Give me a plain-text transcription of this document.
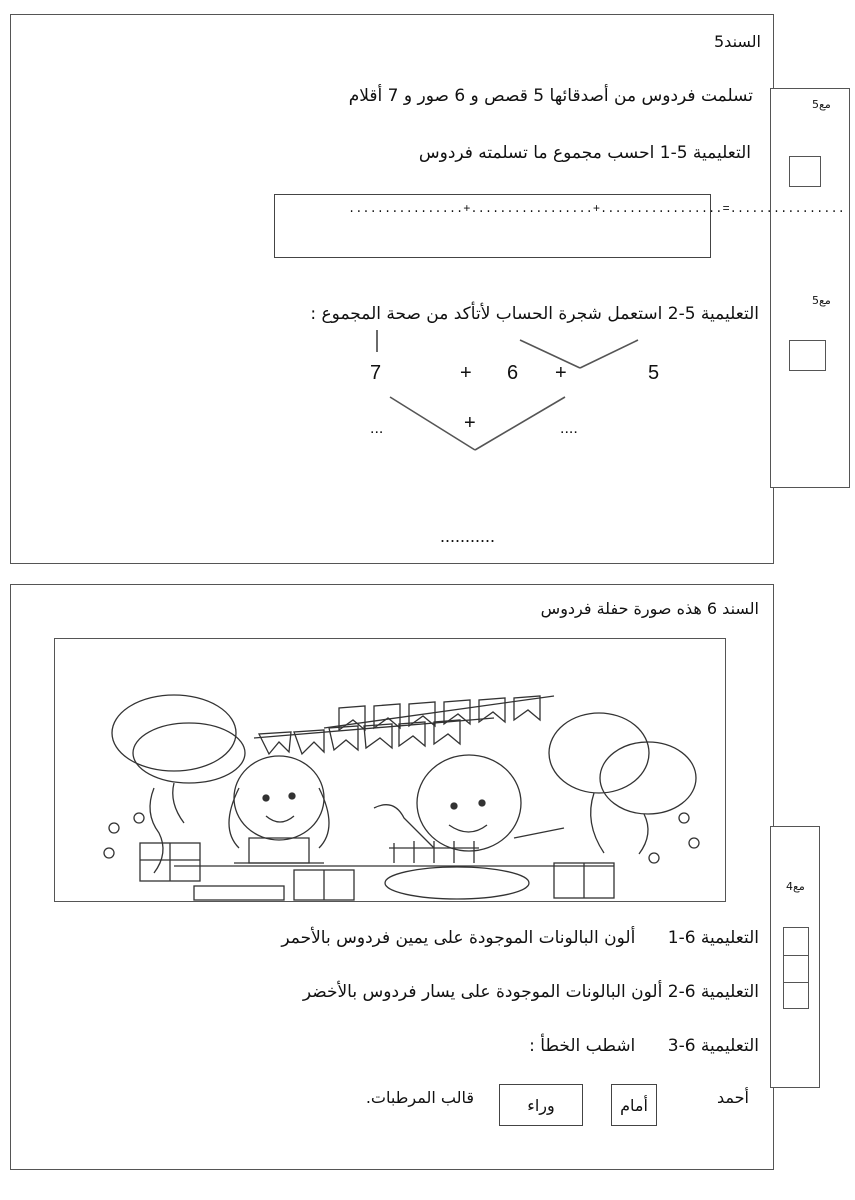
مع5
مع5
السند5
تسلمت فردوس من أصدقائها 5 قصص و 6 صور و 7 أقلام
التعليمية 5-1 احسب مجموع ما تسلمته فردوس
................+.................+.................=................
التعليمية 5-2 استعمل شجرة الحساب لأتأكد من صحة المجموع :
7	+ 6 +	5
+
...	....
...........
مع4
السند 6 هذه صورة حفلة فردوس
التعليمية 6-1      ألون البالونات الموجودة على يمين فردوس بالأحمر
التعليمية 6-2 ألون البالونات الموجودة على يسار فردوس بالأخضر
التعليمية 6-3      اشطب الخطأ :
أحمد
أمام
وراء
قالب المرطبات.
